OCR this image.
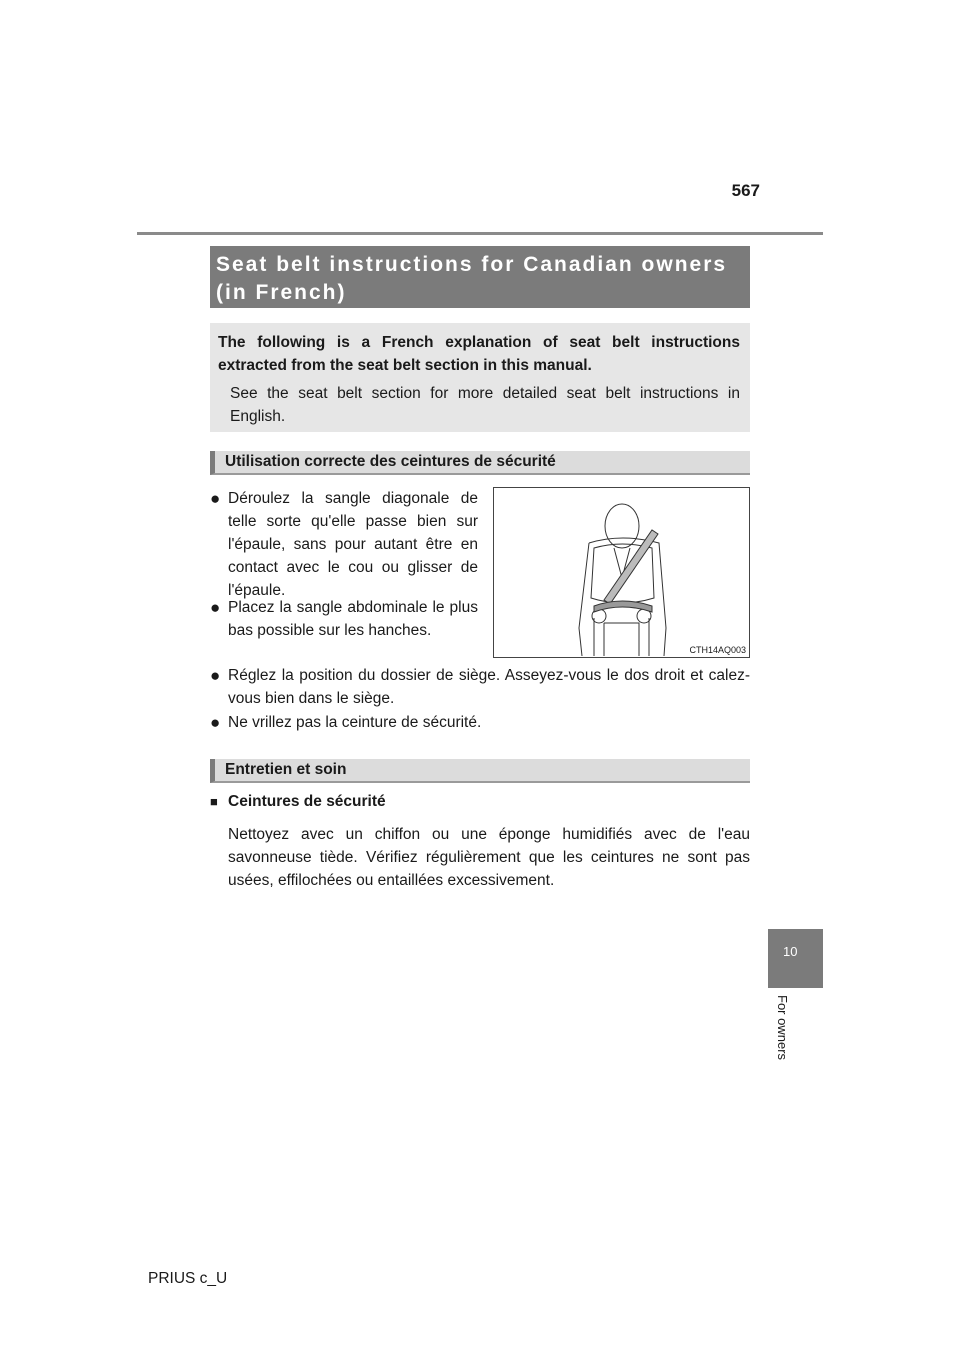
567
Seat belt instructions for Canadian owners (in French)

The following is a French explanation of seat belt instructions extracted from the seat belt section in this manual.

See the seat belt section for more detailed seat belt instructions in English.

Utilisation correcte des ceintures de sécurité
● Déroulez la sangle diagonale de telle sorte qu'elle passe bien sur l'épaule, sans pour autant être en contact avec le cou ou glisser de l'épaule.
● Placez la sangle abdominale le plus bas possible sur les hanches.
● Réglez la position du dossier de siège. Asseyez-vous le dos droit et calez-vous bien dans le siège.
● Ne vrillez pas la ceinture de sécurité.
CTH14AQ003
Entretien et soin
■ Ceintures de sécurité
Nettoyez avec un chiffon ou une éponge humidifiés avec de l'eau savonneuse tiède. Vérifiez régulièrement que les ceintures ne sont pas usées, effilochées ou entaillées excessivement.
10
For owners
PRIUS c_U
